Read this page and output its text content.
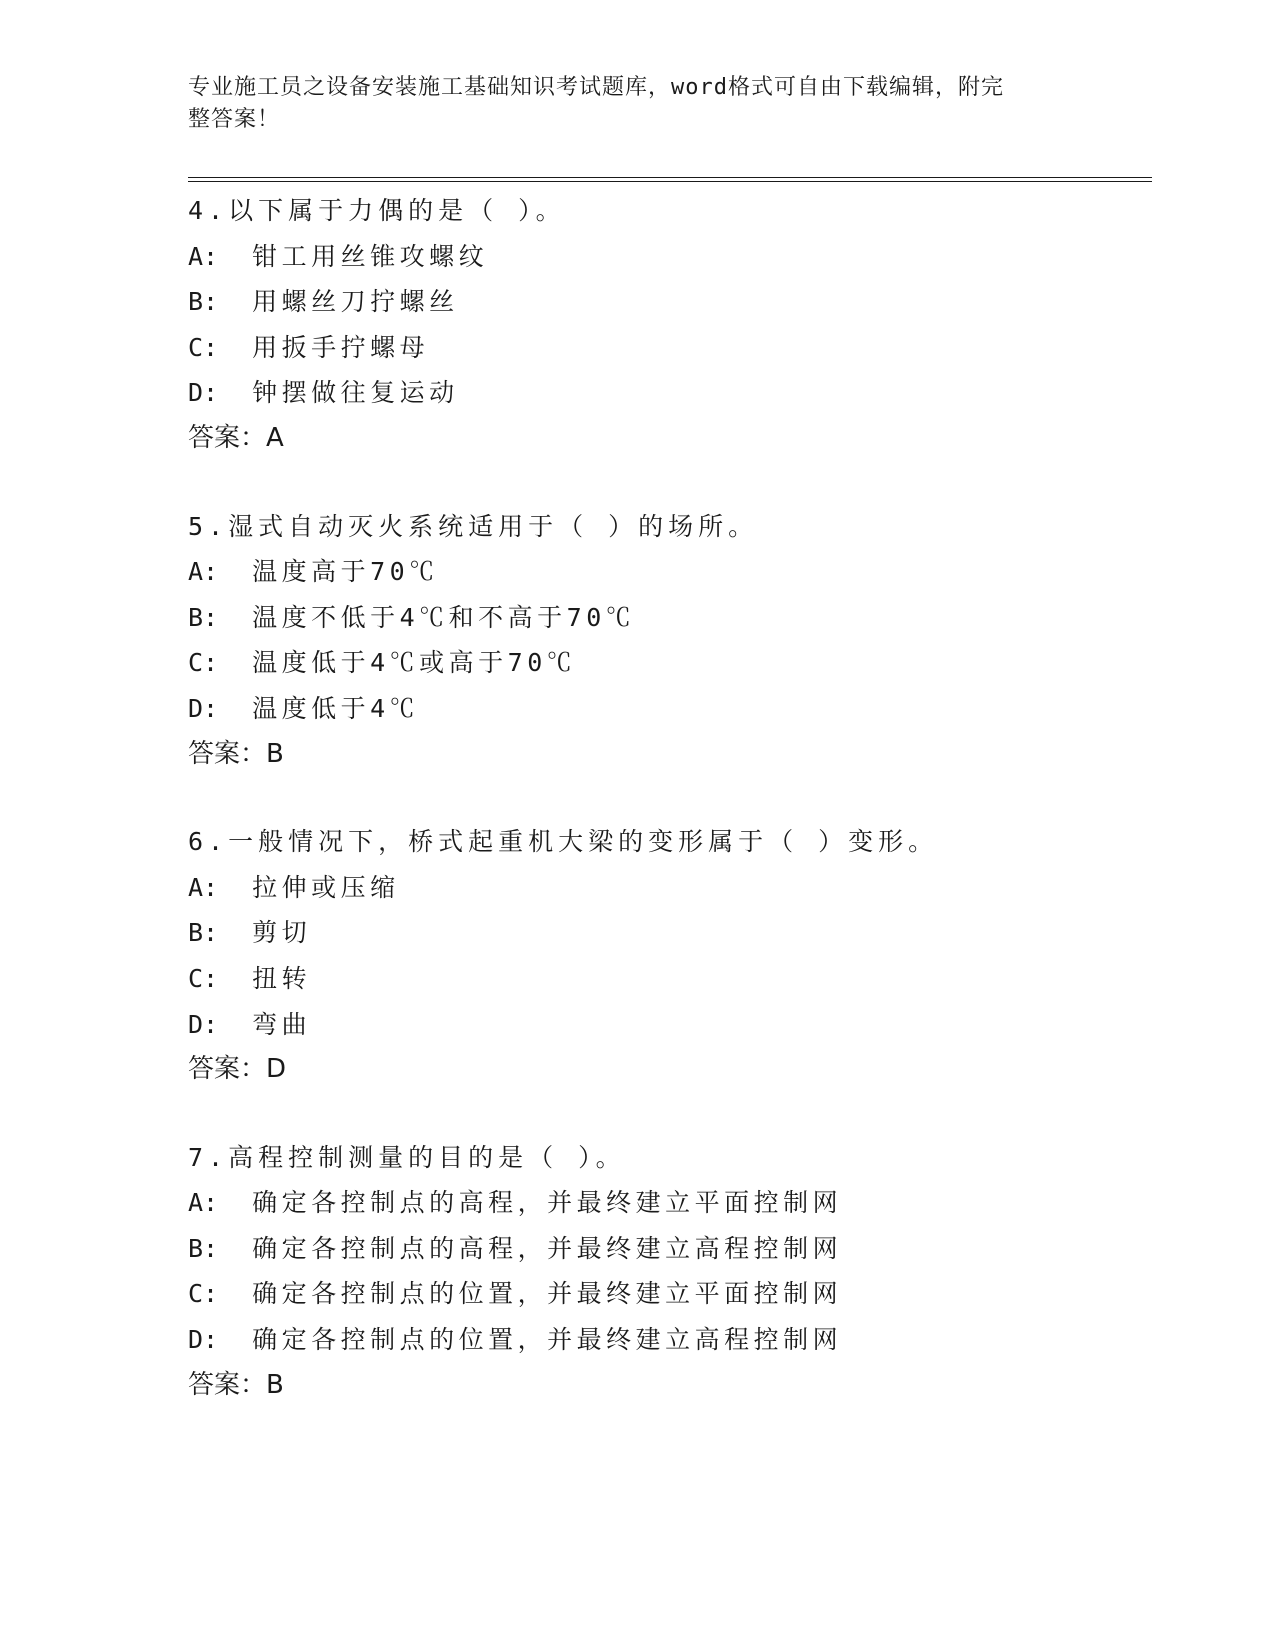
专业施工员之设备安装施工基础知识考试题库，word格式可自由下载编辑，附完
整答案！
4.以下属于力偶的是（ ）。
A: 钳工用丝锥攻螺纹
B: 用螺丝刀拧螺丝
C: 用扳手拧螺母
D: 钟摆做往复运动
答案：A
5.湿式自动灭火系统适用于（ ）的场所。
A: 温度高于70℃
B: 温度不低于4℃和不高于70℃
C: 温度低于4℃或高于70℃
D: 温度低于4℃
答案：B
6.一般情况下，桥式起重机大梁的变形属于（ ）变形。
A: 拉伸或压缩
B: 剪切
C: 扭转
D: 弯曲
答案：D
7.高程控制测量的目的是（ ）。
A: 确定各控制点的高程，并最终建立平面控制网
B: 确定各控制点的高程，并最终建立高程控制网
C: 确定各控制点的位置，并最终建立平面控制网
D: 确定各控制点的位置，并最终建立高程控制网
答案：B
